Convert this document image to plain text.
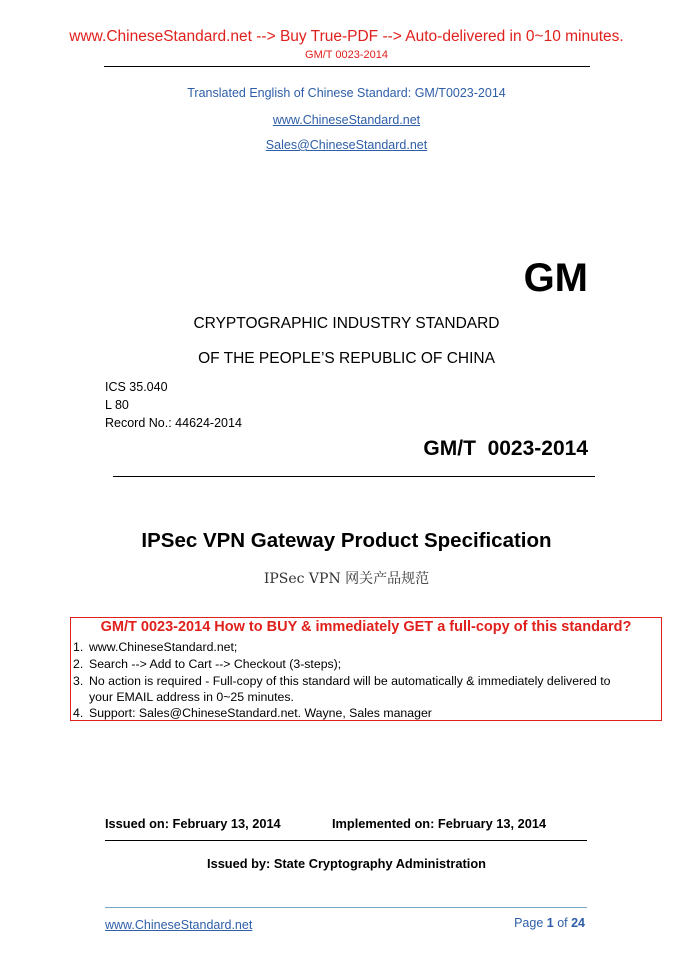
www.ChineseStandard.net --> Buy True-PDF --> Auto-delivered in 0~10 minutes.
GM/T 0023-2014
Translated English of Chinese Standard: GM/T0023-2014
www.ChineseStandard.net
Sales@ChineseStandard.net
GM
CRYPTOGRAPHIC INDUSTRY STANDARD
OF THE PEOPLE’S REPUBLIC OF CHINA
ICS 35.040
L 80
Record No.: 44624-2014
GM/T  0023-2014
IPSec VPN Gateway Product Specification
IPSec VPN 网关产品规范
GM/T 0023-2014 How to BUY & immediately GET a full-copy of this standard?
1. www.ChineseStandard.net;
2. Search --> Add to Cart --> Checkout (3-steps);
3. No action is required - Full-copy of this standard will be automatically & immediately delivered to
your EMAIL address in 0~25 minutes.
4. Support: Sales@ChineseStandard.net. Wayne, Sales manager
Issued on: February 13, 2014	Implemented on: February 13, 2014
Issued by: State Cryptography Administration
www.ChineseStandard.net	Page 1 of 24
